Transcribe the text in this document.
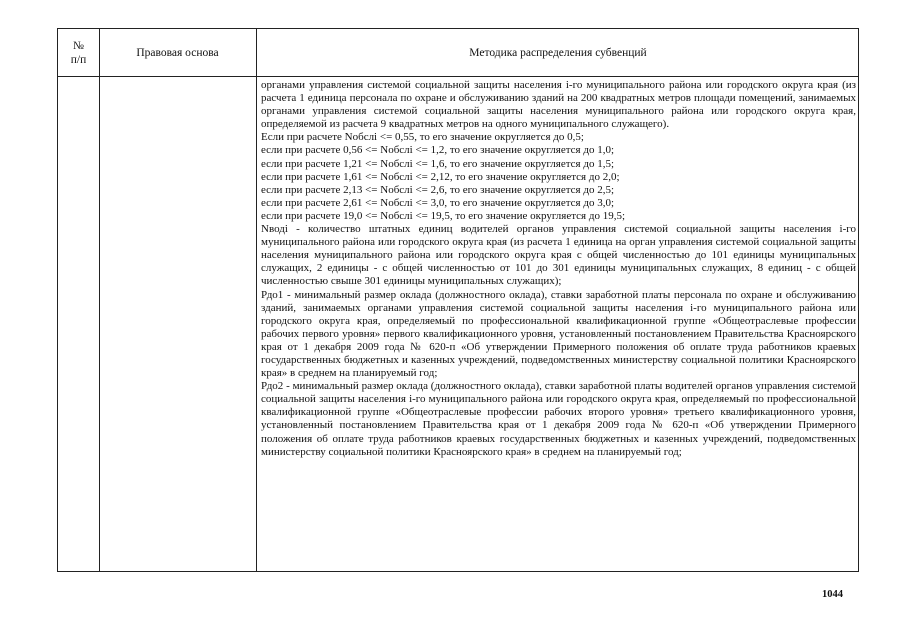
№
п/п
Правовая основа	Методика распределения субвенций

органами управления системой социальной защиты населения i-го муниципального района или городского округа края (из расчета 1 единица персонала по охране и обслуживанию зданий на 200 квадратных метров площади помещений, занимаемых органами управления системой социальной защиты населения муниципального района или городского округа края, определяемой из расчета 9 квадратных метров на одного муниципального служащего).

Если при расчете Nобслi <= 0,55, то его значение округляется до 0,5;

если при расчете 0,56 <= Nобслi <= 1,2, то его значение округляется до 1,0;

если при расчете 1,21 <= Nобслi <= 1,6, то его значение округляется до 1,5;

если при расчете 1,61 <= Nобслi <= 2,12, то его значение округляется до 2,0;

если при расчете 2,13 <= Nобслi <= 2,6, то его значение округляется до 2,5;

если при расчете 2,61 <= Nобслi <= 3,0, то его значение округляется до 3,0;

если при расчете 19,0 <= Nобслi <= 19,5, то его значение округляется до 19,5;

Nводi - количество штатных единиц водителей органов управления системой социальной защиты населения i-го муниципального района или городского округа края (из расчета 1 единица на орган управления системой социальной защиты населения муниципального района или городского округа края с общей численностью до 101 единицы муниципальных служащих, 2 единицы - с общей численностью от 101 до 301 единицы муниципальных служащих, 8 единиц - с общей численностью свыше 301 единицы муниципальных служащих);

Рдо1 - минимальный размер оклада (должностного оклада), ставки заработной платы персонала по охране и обслуживанию зданий, занимаемых органами управления системой социальной защиты населения i-го муниципального района или городского округа края, определяемый по профессиональной квалификационной группе «Общеотраслевые профессии рабочих первого уровня» первого квалификационного уровня, установленный постановлением Правительства Красноярского края от 1 декабря 2009 года № 620-п «Об утверждении Примерного положения об оплате труда работников краевых государственных бюджетных и казенных учреждений, подведомственных министерству социальной политики Красноярского края» в среднем на планируемый год;

Рдо2 - минимальный размер оклада (должностного оклада), ставки заработной платы водителей органов управления системой социальной защиты населения i-го муниципального района или городского округа края, определяемый по профессиональной квалификационной группе «Общеотраслевые профессии рабочих второго уровня» третьего квалификационного уровня, установленный постановлением Правительства края от 1 декабря 2009 года № 620-п «Об утверждении Примерного положения об оплате труда работников краевых государственных бюджетных и казенных учреждений, подведомственных министерству социальной политики Красноярского края» в среднем на планируемый год;

1044
